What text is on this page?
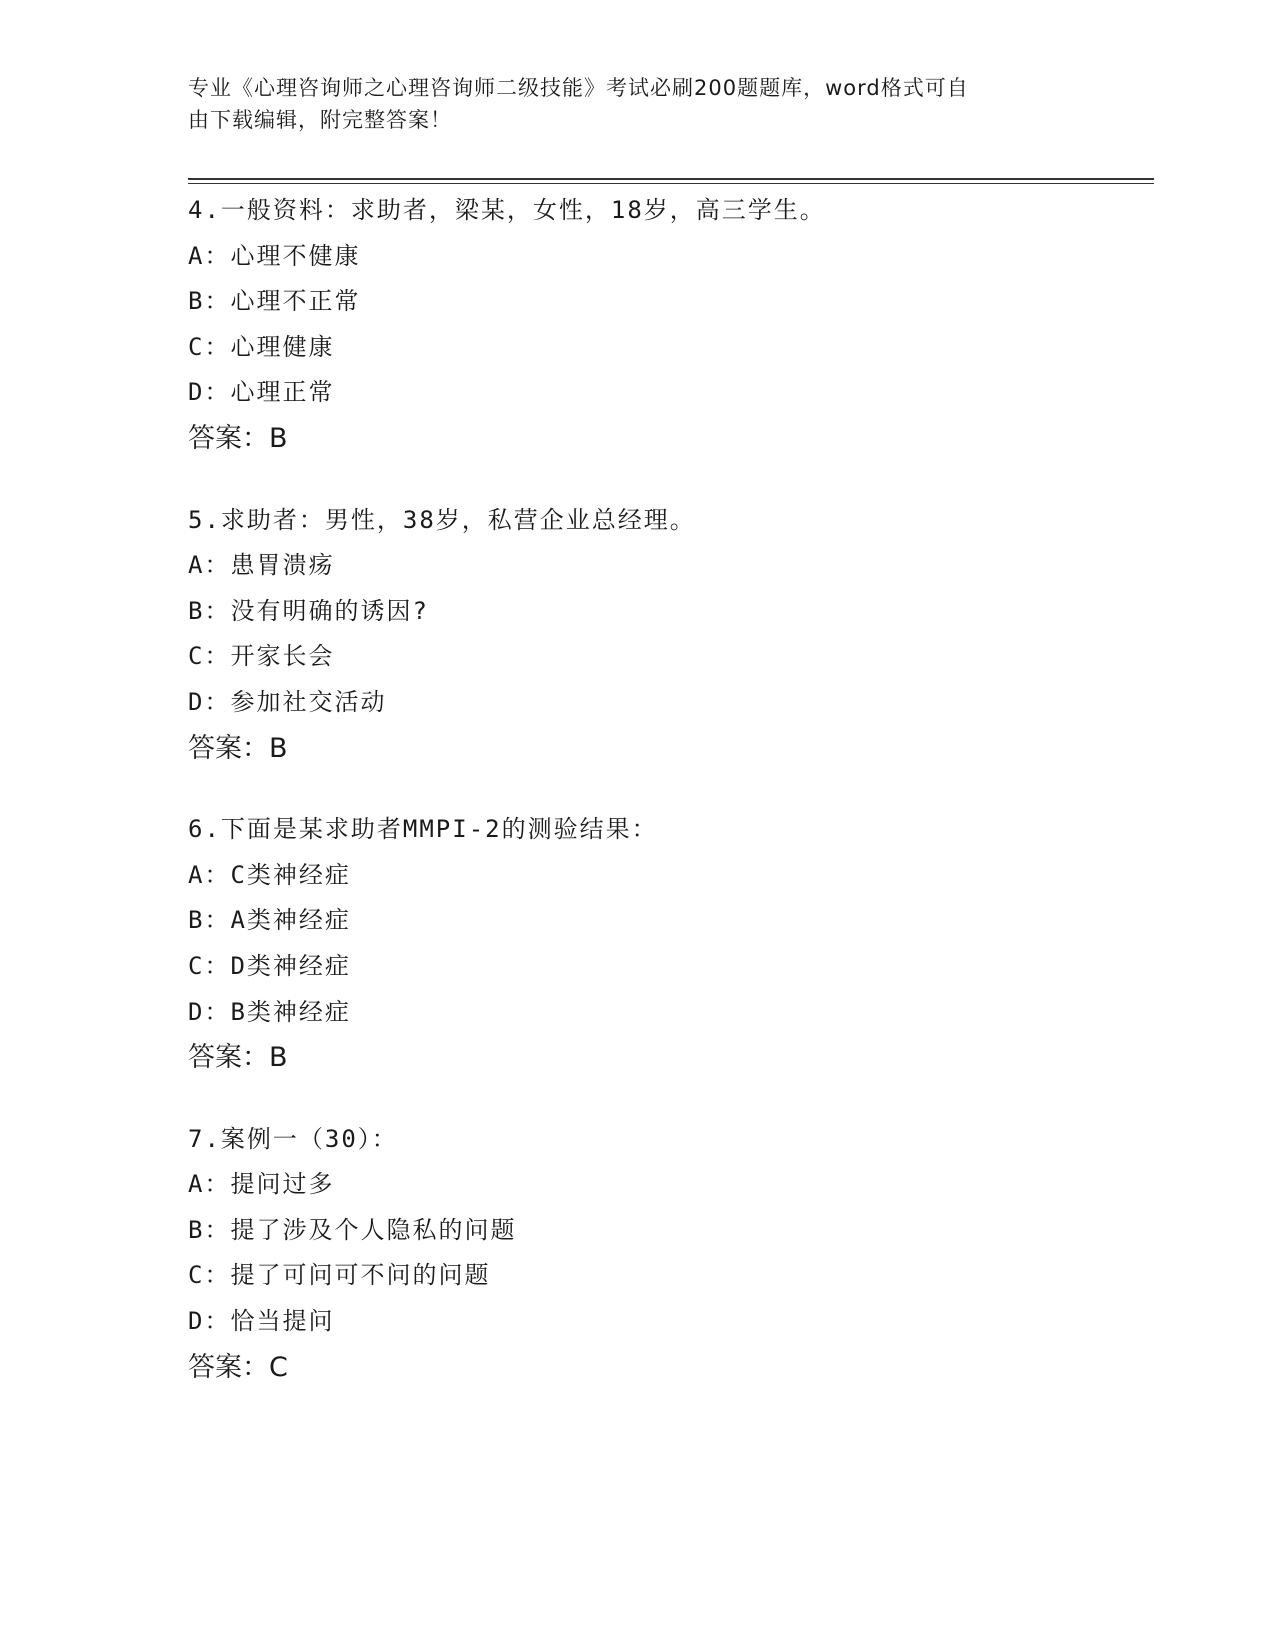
专业《心理咨询师之心理咨询师二级技能》考试必刷200题题库，word格式可自
由下载编辑，附完整答案！
4.一般资料：求助者，梁某，女性，18岁，高三学生。
A：心理不健康
B：心理不正常
C：心理健康
D：心理正常
答案：B
5.求助者：男性，38岁，私营企业总经理。
A：患胃溃疡
B：没有明确的诱因?
C：开家长会
D：参加社交活动
答案：B
6.下面是某求助者MMPI-2的测验结果：
A：C类神经症
B：A类神经症
C：D类神经症
D：B类神经症
答案：B
7.案例一（30）：
A：提问过多
B：提了涉及个人隐私的问题
C：提了可问可不问的问题
D：恰当提问
答案：C
